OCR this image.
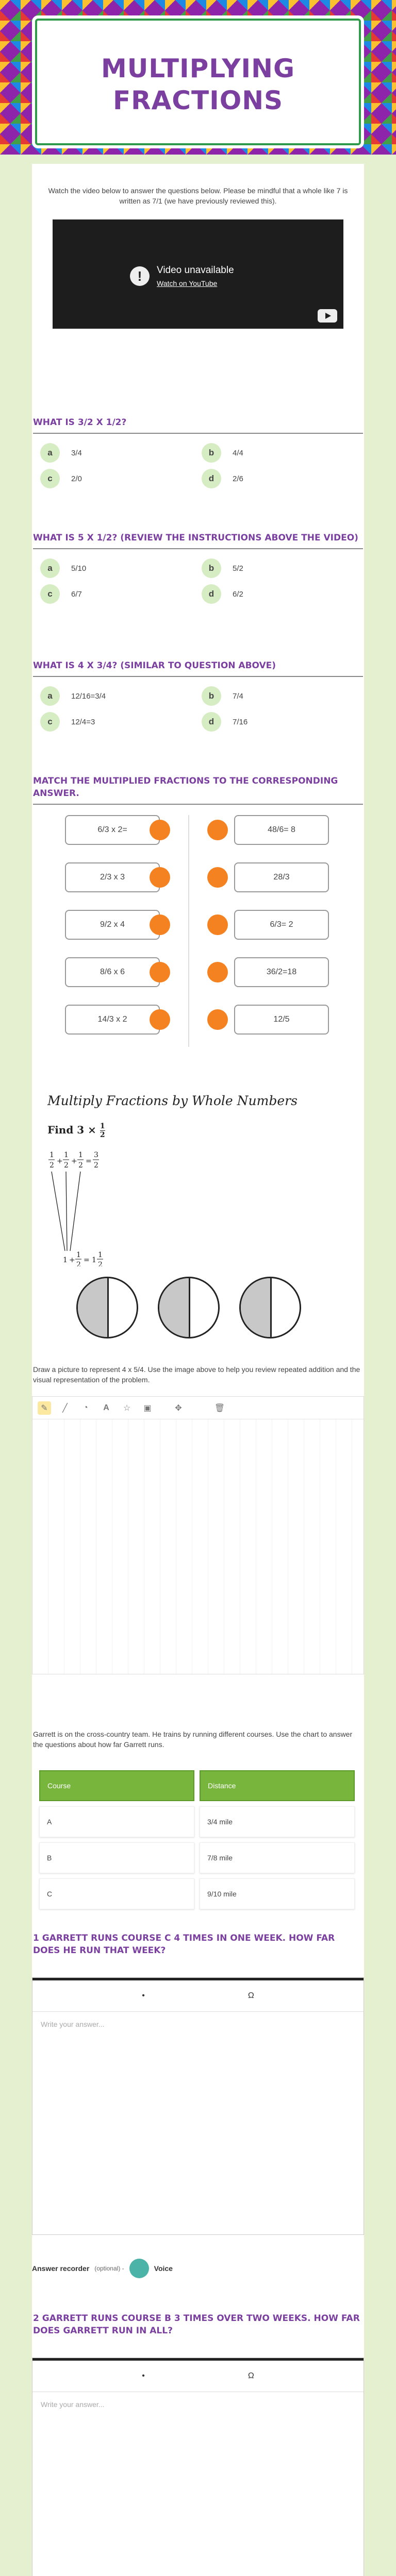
MULTIPLYING FRACTIONS

Watch the video below to answer the questions below. Please be mindful that a whole like 7 is written as 7/1 (we have previously reviewed this).

!	Video unavailable
Watch on YouTube
WHAT IS 3/2 X 1/2?
a	3/4	b	4/4
c	2/0	d	2/6
WHAT IS 5 X 1/2? (REVIEW THE INSTRUCTIONS ABOVE THE VIDEO)
a	5/10	b	5/2
c	6/7	d	6/2
WHAT IS 4 X 3/4? (SIMILAR TO QUESTION ABOVE)
a	12/16=3/4	b	7/4
c	12/4=3	d	7/16
MATCH THE MULTIPLIED FRACTIONS TO THE CORRESPONDING ANSWER.
6/3 x 2=	48/6= 8
2/3 x 3	28/3
9/2 x 4	6/3= 2
8/6 x 6	36/2=18
14/3 x 2	12/5
Multiply Fractions by Whole Numbers
Find $3 \times \frac{1}{2}$
1
2 +
1
2 +
1
2 =
3
2
1 +
1
2
= 1
1
2
Draw a picture to represent 4 x 5/4. Use the image above to help you review repeated addition and the visual representation of the problem.
✎	╱	◔	A	☆	▣	✥	🗑
Garrett is on the cross-country team. He trains by running different courses. Use the chart to answer the questions about how far Garrett runs.
Course	Distance
A	3/4 mile
B	7/8 mile
C	9/10 mile
1 GARRETT RUNS COURSE C 4 TIMES IN ONE WEEK. HOW FAR DOES HE RUN THAT WEEK?
•	Ω
Write your answer...
Answer recorder (optional) -	Voice
2 GARRETT RUNS COURSE B 3 TIMES OVER TWO WEEKS. HOW FAR DOES GARRETT RUN IN ALL?
•	Ω
Write your answer...
